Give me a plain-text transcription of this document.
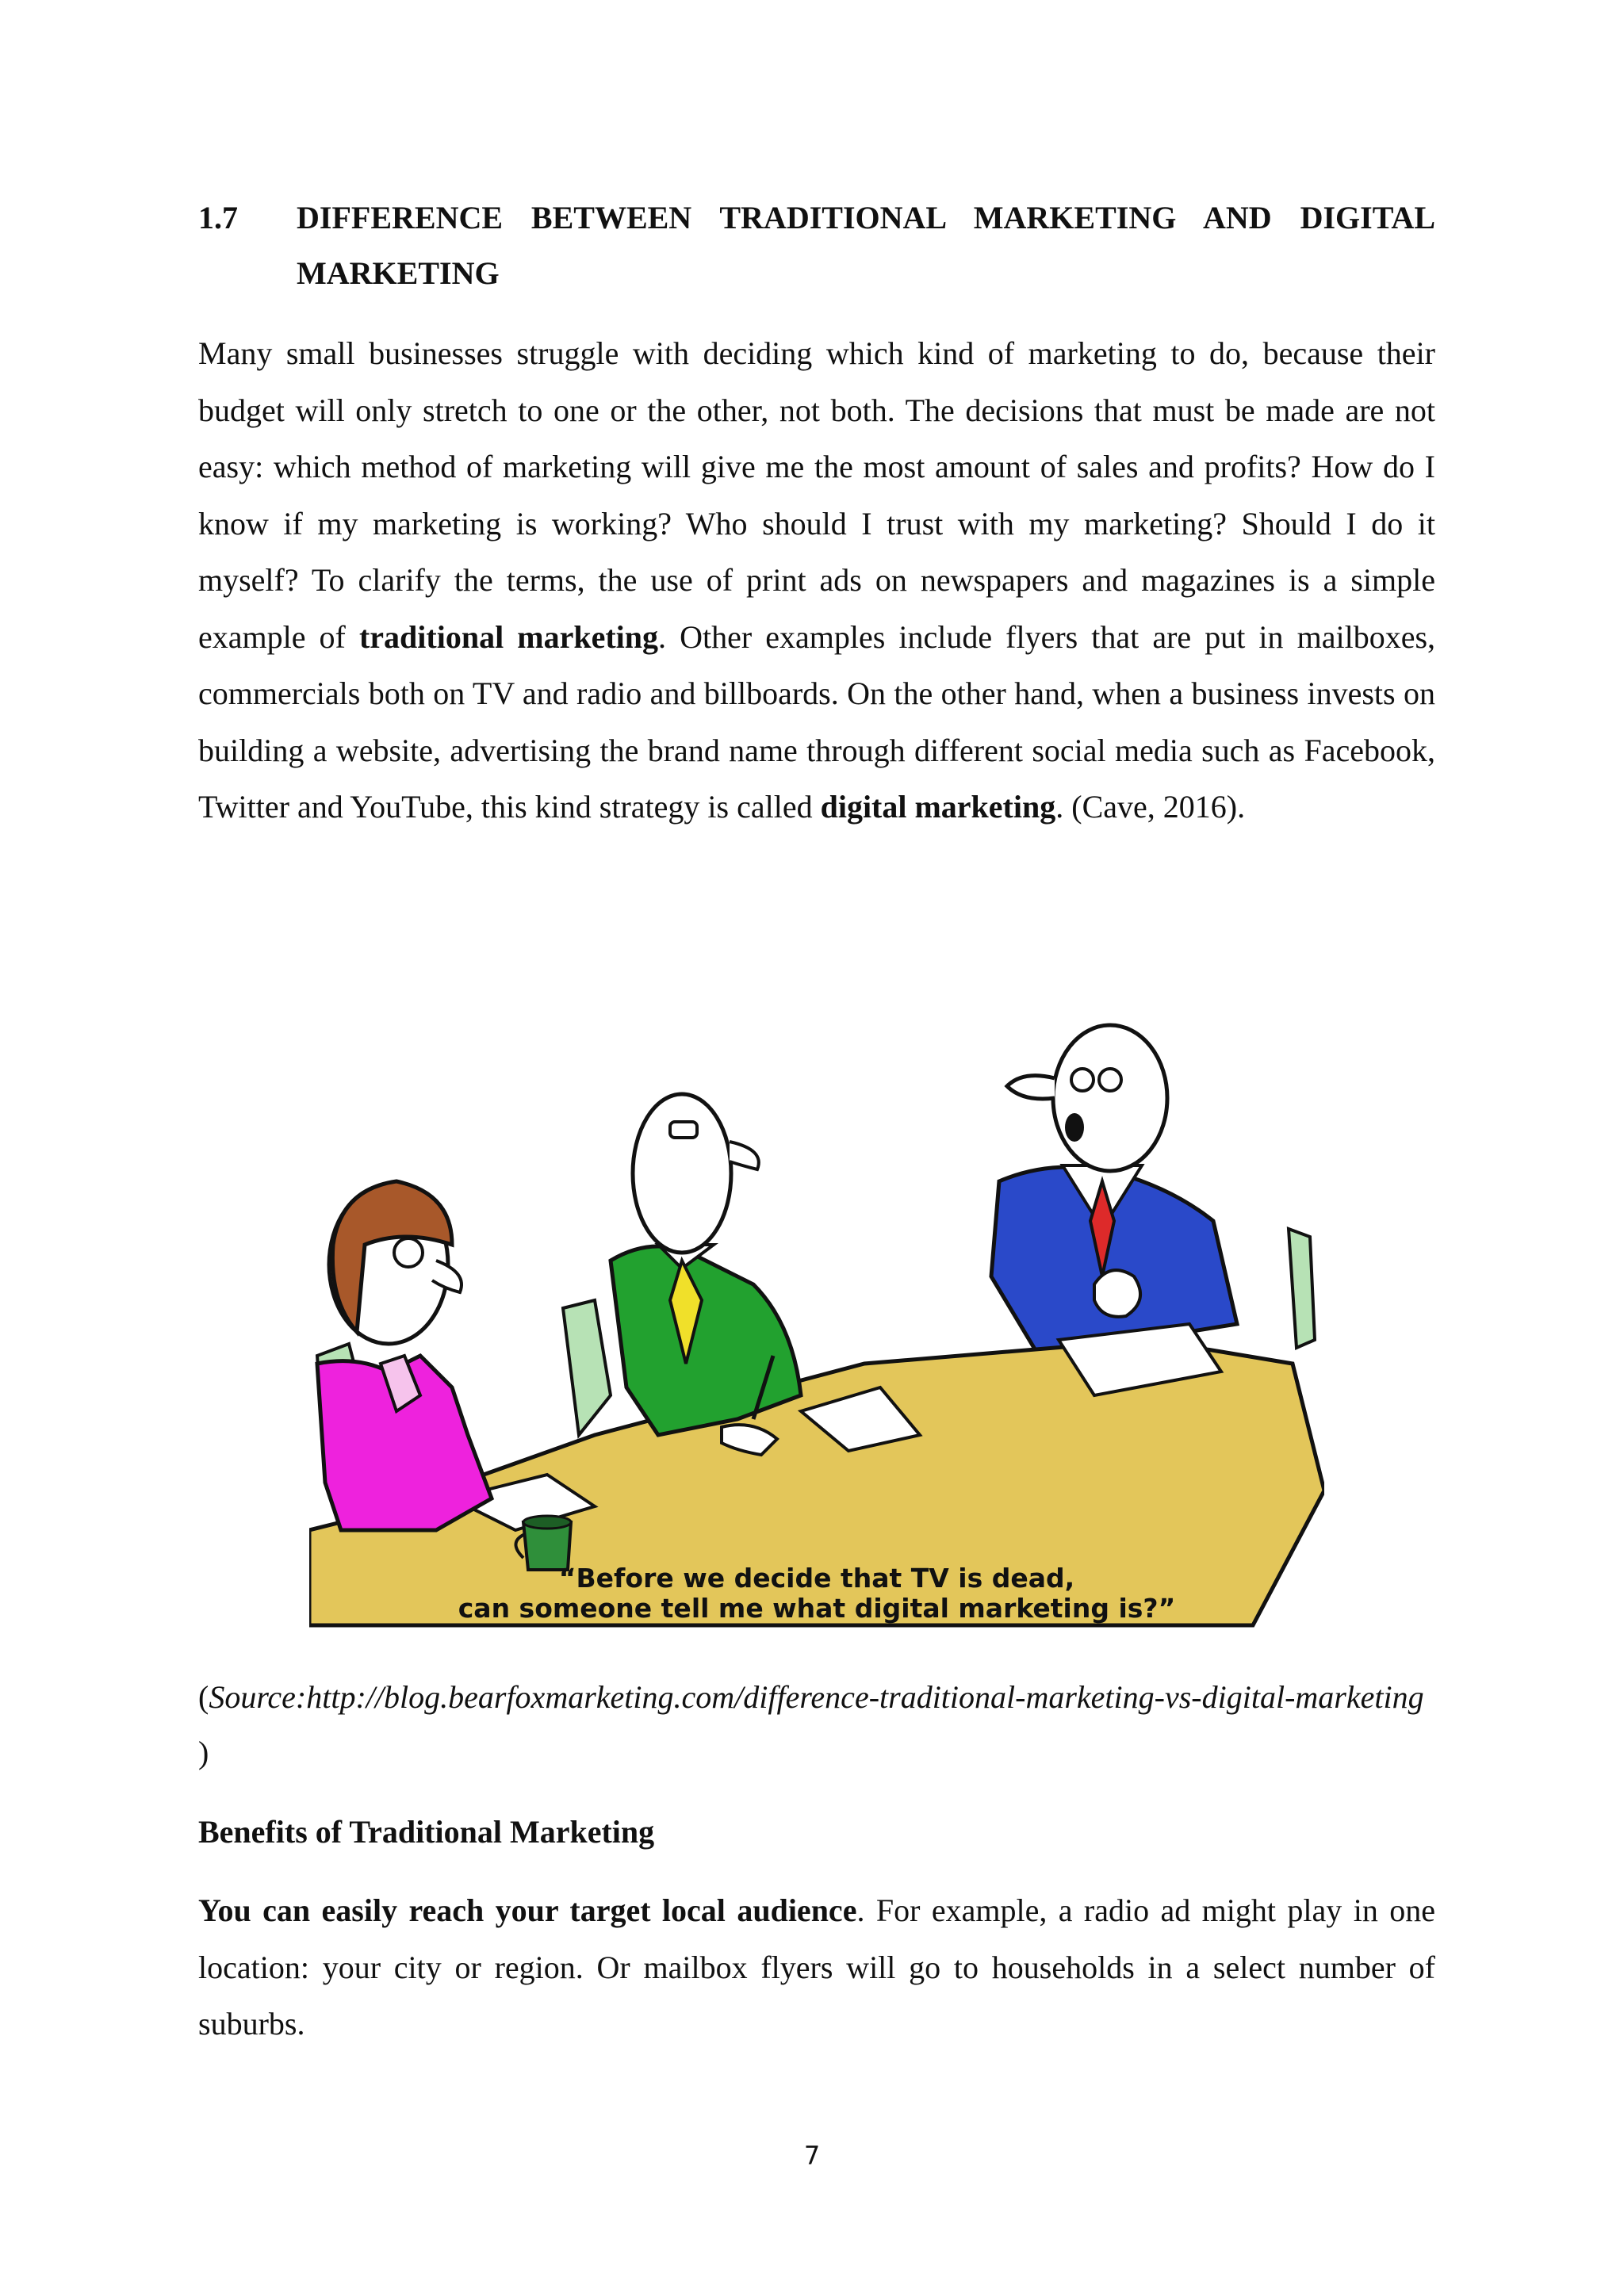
1.7 DIFFERENCE BETWEEN TRADITIONAL MARKETING AND DIGITAL
MARKETING

Many small businesses struggle with deciding which kind of marketing to do, because their budget will only stretch to one or the other, not both. The decisions that must be made are not easy: which method of marketing will give me the most amount of sales and profits? How do I know if my marketing is working? Who should I trust with my marketing? Should I do it myself? To clarify the terms, the use of print ads on newspapers and magazines is a simple example of traditional marketing. Other examples include flyers that are put in mailboxes, commercials both on TV and radio and billboards. On the other hand, when a business invests on building a website, advertising the brand name through different social media such as Facebook, Twitter and YouTube, this kind strategy is called digital marketing. (Cave, 2016).

“Before we decide that TV is dead,
can someone tell me what digital marketing is?”

(Source:http://blog.bearfoxmarketing.com/difference-traditional-marketing-vs-digital-marketing )

Benefits of Traditional Marketing

You can easily reach your target local audience. For example, a radio ad might play in one location: your city or region. Or mailbox flyers will go to households in a select number of suburbs.

7
